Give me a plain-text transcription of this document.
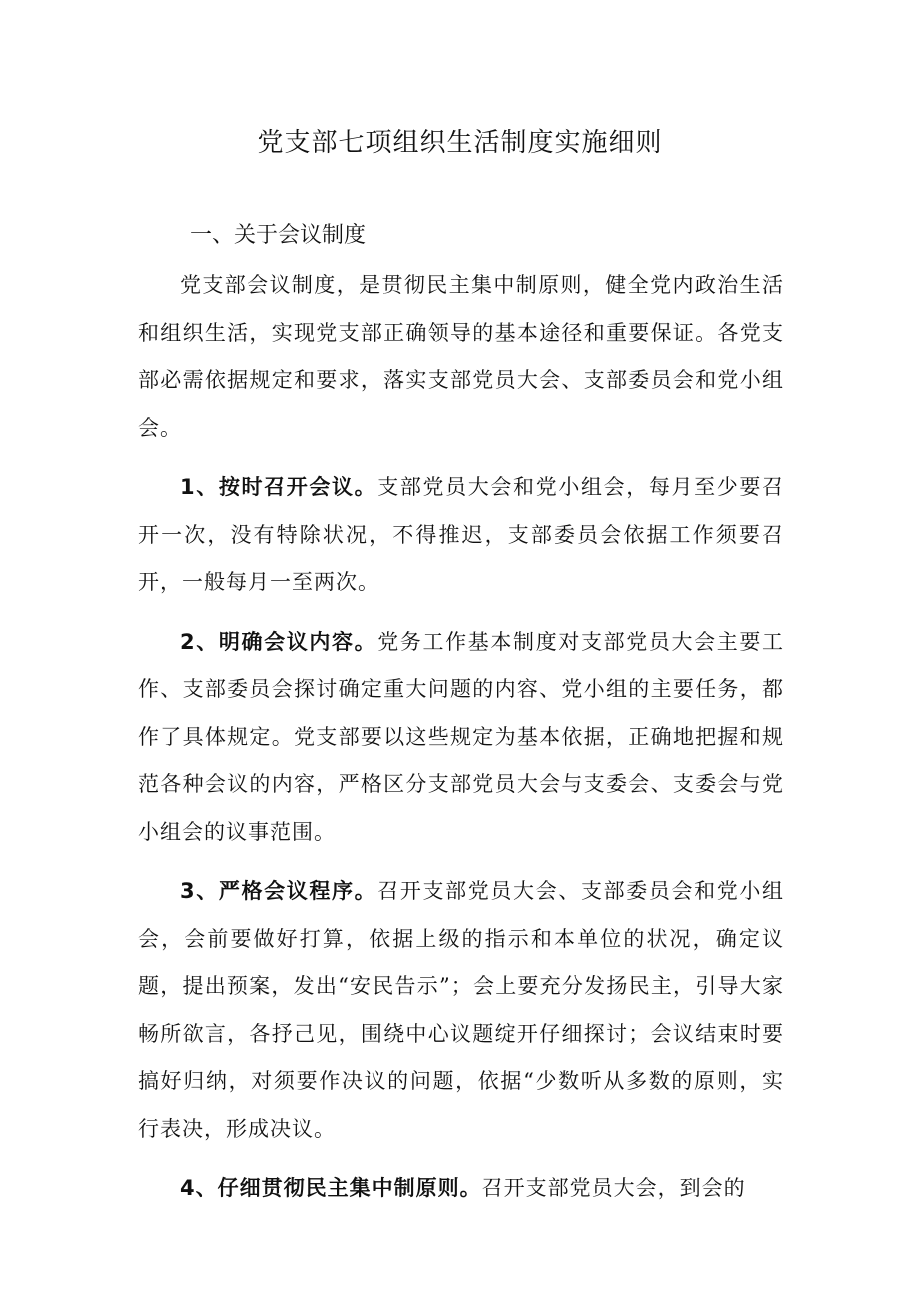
党支部七项组织生活制度实施细则
一、关于会议制度

党支部会议制度，是贯彻民主集中制原则，健全党内政治生活和组织生活，实现党支部正确领导的基本途径和重要保证。各党支部必需依据规定和要求，落实支部党员大会、支部委员会和党小组会。

1、按时召开会议。支部党员大会和党小组会，每月至少要召开一次，没有特除状况，不得推迟，支部委员会依据工作须要召开，一般每月一至两次。

2、明确会议内容。党务工作基本制度对支部党员大会主要工作、支部委员会探讨确定重大问题的内容、党小组的主要任务，都作了具体规定。党支部要以这些规定为基本依据，正确地把握和规范各种会议的内容，严格区分支部党员大会与支委会、支委会与党小组会的议事范围。

3、严格会议程序。召开支部党员大会、支部委员会和党小组会，会前要做好打算，依据上级的指示和本单位的状况，确定议题，提出预案，发出“安民告示”；会上要充分发扬民主，引导大家畅所欲言，各抒己见，围绕中心议题绽开仔细探讨；会议结束时要搞好归纳，对须要作决议的问题，依据“少数听从多数的原则，实行表决，形成决议。

4、仔细贯彻民主集中制原则。召开支部党员大会，到会的
